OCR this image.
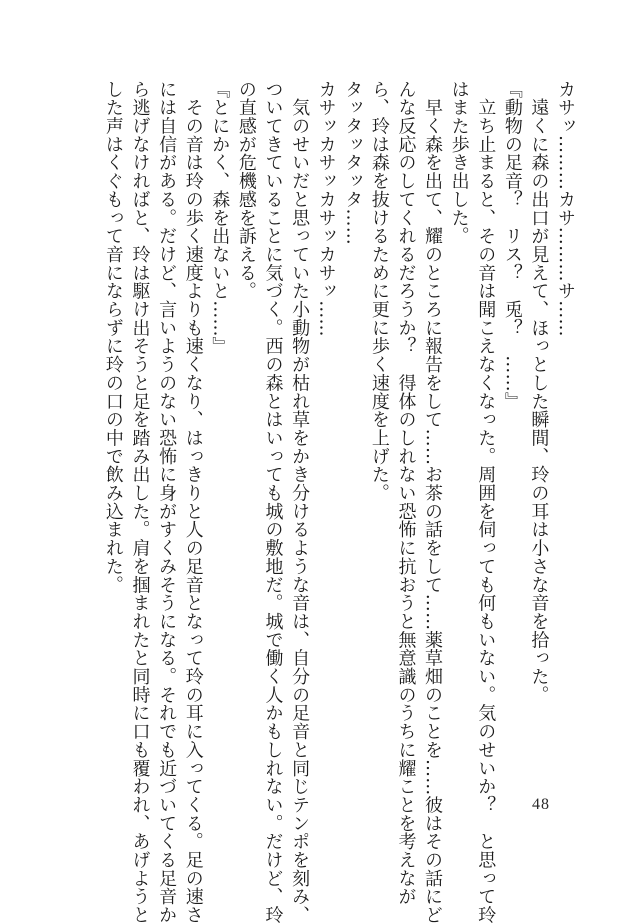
カサッ………カサ………サ……
　遠くに森の出口が見えて、ほっとした瞬間、玲の耳は小さな音を拾った。
『動物の足音？　リス？　兎？　……』
　立ち止まると、その音は聞こえなくなった。周囲を伺っても何もいない。気のせいか？　と思って玲
はまた歩き出した。
　早く森を出て、耀のところに報告をして……お茶の話をして……薬草畑のことを……彼はその話にど
んな反応のしてくれるだろうか？　得体のしれない恐怖に抗おうと無意識のうちに耀ことを考えなが
ら、玲は森を抜けるために更に歩く速度を上げた。
タッタッタッタ……
カサッカサッカサッカサッ……
　気のせいだと思っていた小動物が枯れ草をかき分けるような音は、自分の足音と同じテンポを刻み、
ついてきていることに気づく。西の森とはいっても城の敷地だ。城で働く人かもしれない。だけど、玲
の直感が危機感を訴える。
『とにかく、森を出ないと……』
　その音は玲の歩く速度よりも速くなり、はっきりと人の足音となって玲の耳に入ってくる。足の速さ
には自信がある。だけど、言いようのない恐怖に身がすくみそうになる。それでも近づいてくる足音か
ら逃げなければと、玲は駆け出そうと足を踏み出した。肩を掴まれたと同時に口も覆われ、あげようと
した声はくぐもって音にならずに玲の口の中で飲み込まれた。
48
